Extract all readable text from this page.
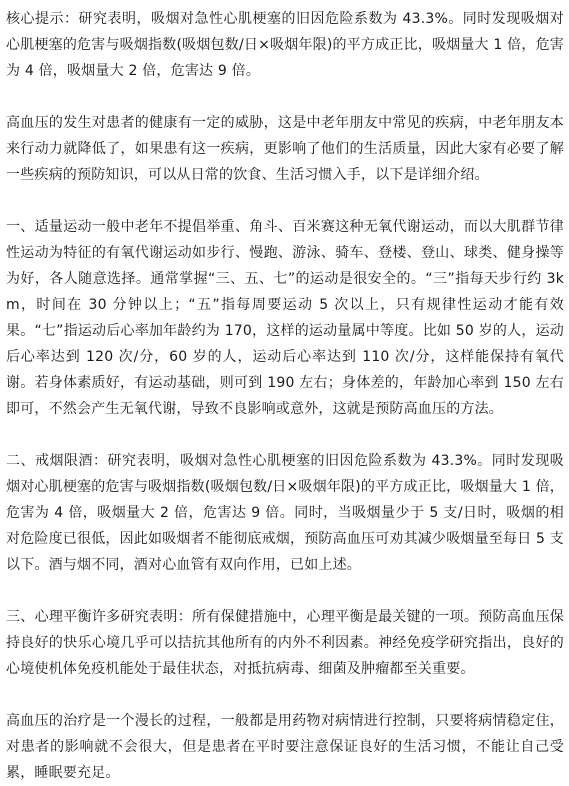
核心提示：研究表明，吸烟对急性心肌梗塞的旧因危险系数为 43.3%。同时发现吸烟对心肌梗塞的危害与吸烟指数(吸烟包数/日×吸烟年限)的平方成正比，吸烟量大 1 倍，危害为 4 倍，吸烟量大 2 倍，危害达 9 倍。

高血压的发生对患者的健康有一定的威胁，这是中老年朋友中常见的疾病，中老年朋友本来行动力就降低了，如果患有这一疾病，更影响了他们的生活质量，因此大家有必要了解一些疾病的预防知识，可以从日常的饮食、生活习惯入手，以下是详细介绍。

一、适量运动一般中老年不提倡举重、角斗、百米赛这种无氧代谢运动，而以大肌群节律性运动为特征的有氧代谢运动如步行、慢跑、游泳、骑车、登楼、登山、球类、健身操等为好，各人随意选择。通常掌握“三、五、七”的运动是很安全的。“三”指每天步行约 3km，时间在 30 分钟以上；“五”指每周要运动 5 次以上，只有规律性运动才能有效果。“七”指运动后心率加年龄约为 170，这样的运动量属中等度。比如 50 岁的人，运动后心率达到 120 次/分，60 岁的人，运动后心率达到 110 次/分，这样能保持有氧代谢。若身体素质好，有运动基础，则可到 190 左右；身体差的，年龄加心率到 150 左右即可，不然会产生无氧代谢，导致不良影响或意外，这就是预防高血压的方法。

二、戒烟限酒：研究表明，吸烟对急性心肌梗塞的旧因危险系数为 43.3%。同时发现吸烟对心肌梗塞的危害与吸烟指数(吸烟包数/日×吸烟年限)的平方成正比，吸烟量大 1 倍，危害为 4 倍，吸烟量大 2 倍，危害达 9 倍。同时，当吸烟量少于 5 支/日时，吸烟的相对危险度已很低，因此如吸烟者不能彻底戒烟，预防高血压可劝其减少吸烟量至每日 5 支以下。酒与烟不同，酒对心血管有双向作用，已如上述。

三、心理平衡许多研究表明：所有保健措施中，心理平衡是最关键的一项。预防高血压保持良好的快乐心境几乎可以拮抗其他所有的内外不利因素。神经免疫学研究指出，良好的心境使机体免疫机能处于最佳状态，对抵抗病毒、细菌及肿瘤都至关重要。

高血压的治疗是一个漫长的过程，一般都是用药物对病情进行控制，只要将病情稳定住，对患者的影响就不会很大，但是患者在平时要注意保证良好的生活习惯，不能让自己受累，睡眠要充足。
